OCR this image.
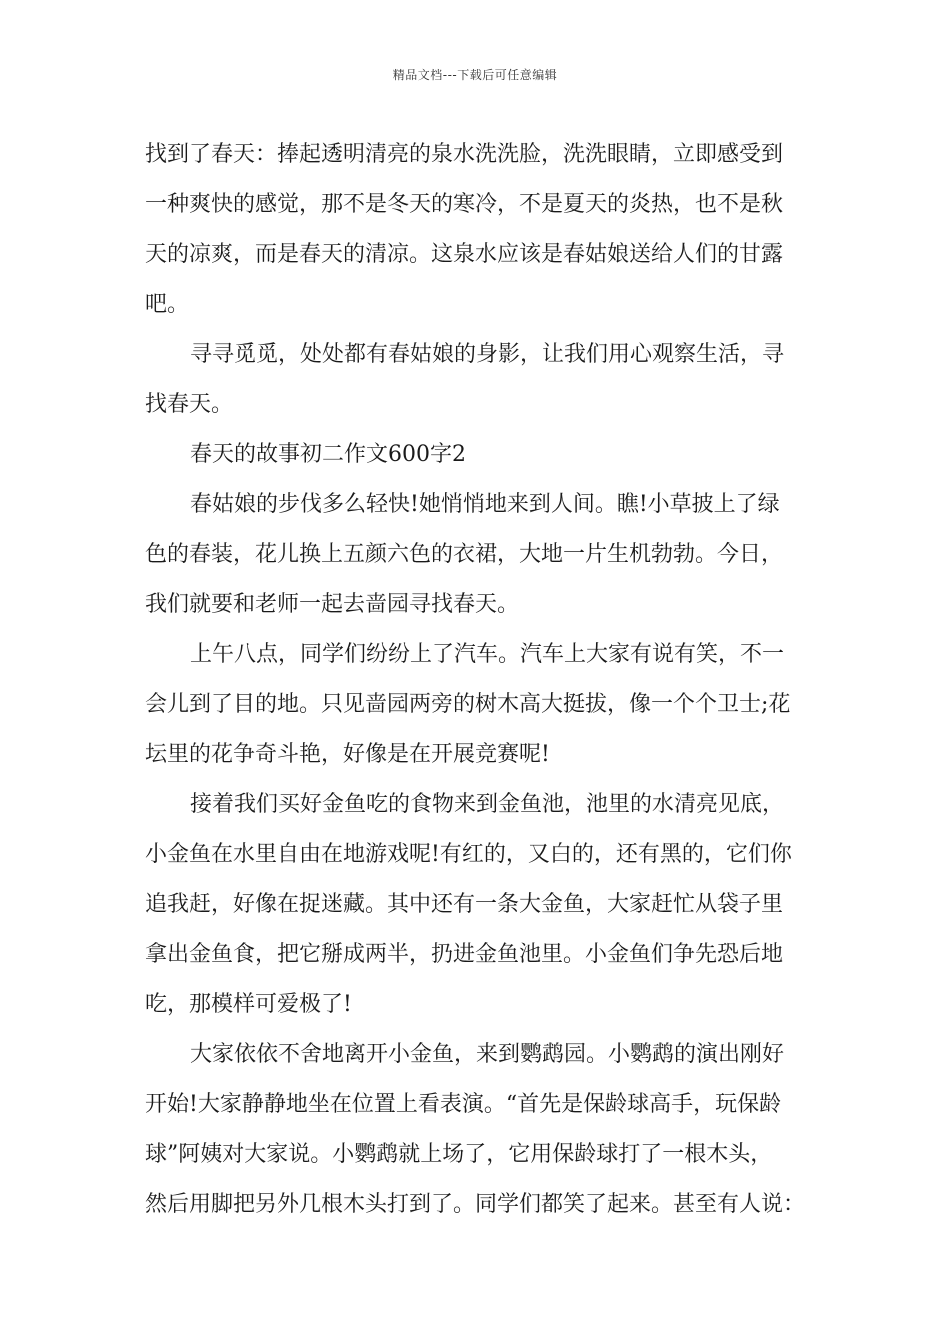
精品文档---下载后可任意编辑
找到了春天：捧起透明清亮的泉水洗洗脸，洗洗眼睛，立即感受到
一种爽快的感觉，那不是冬天的寒冷，不是夏天的炎热，也不是秋
天的凉爽，而是春天的清凉。这泉水应该是春姑娘送给人们的甘露
吧。
寻寻觅觅，处处都有春姑娘的身影，让我们用心观察生活，寻
找春天。
春天的故事初二作文600字2
春姑娘的步伐多么轻快!她悄悄地来到人间。瞧!小草披上了绿
色的春装，花儿换上五颜六色的衣裙，大地一片生机勃勃。今日，
我们就要和老师一起去啬园寻找春天。
上午八点，同学们纷纷上了汽车。汽车上大家有说有笑，不一
会儿到了目的地。只见啬园两旁的树木高大挺拔，像一个个卫士;花
坛里的花争奇斗艳，好像是在开展竞赛呢!
接着我们买好金鱼吃的食物来到金鱼池，池里的水清亮见底，
小金鱼在水里自由在地游戏呢!有红的，又白的，还有黑的，它们你
追我赶，好像在捉迷藏。其中还有一条大金鱼，大家赶忙从袋子里
拿出金鱼食，把它掰成两半，扔进金鱼池里。小金鱼们争先恐后地
吃，那模样可爱极了!
大家依依不舍地离开小金鱼，来到鹦鹉园。小鹦鹉的演出刚好
开始!大家静静地坐在位置上看表演。“首先是保龄球高手，玩保龄
球”阿姨对大家说。小鹦鹉就上场了，它用保龄球打了一根木头，
然后用脚把另外几根木头打到了。同学们都笑了起来。甚至有人说：
